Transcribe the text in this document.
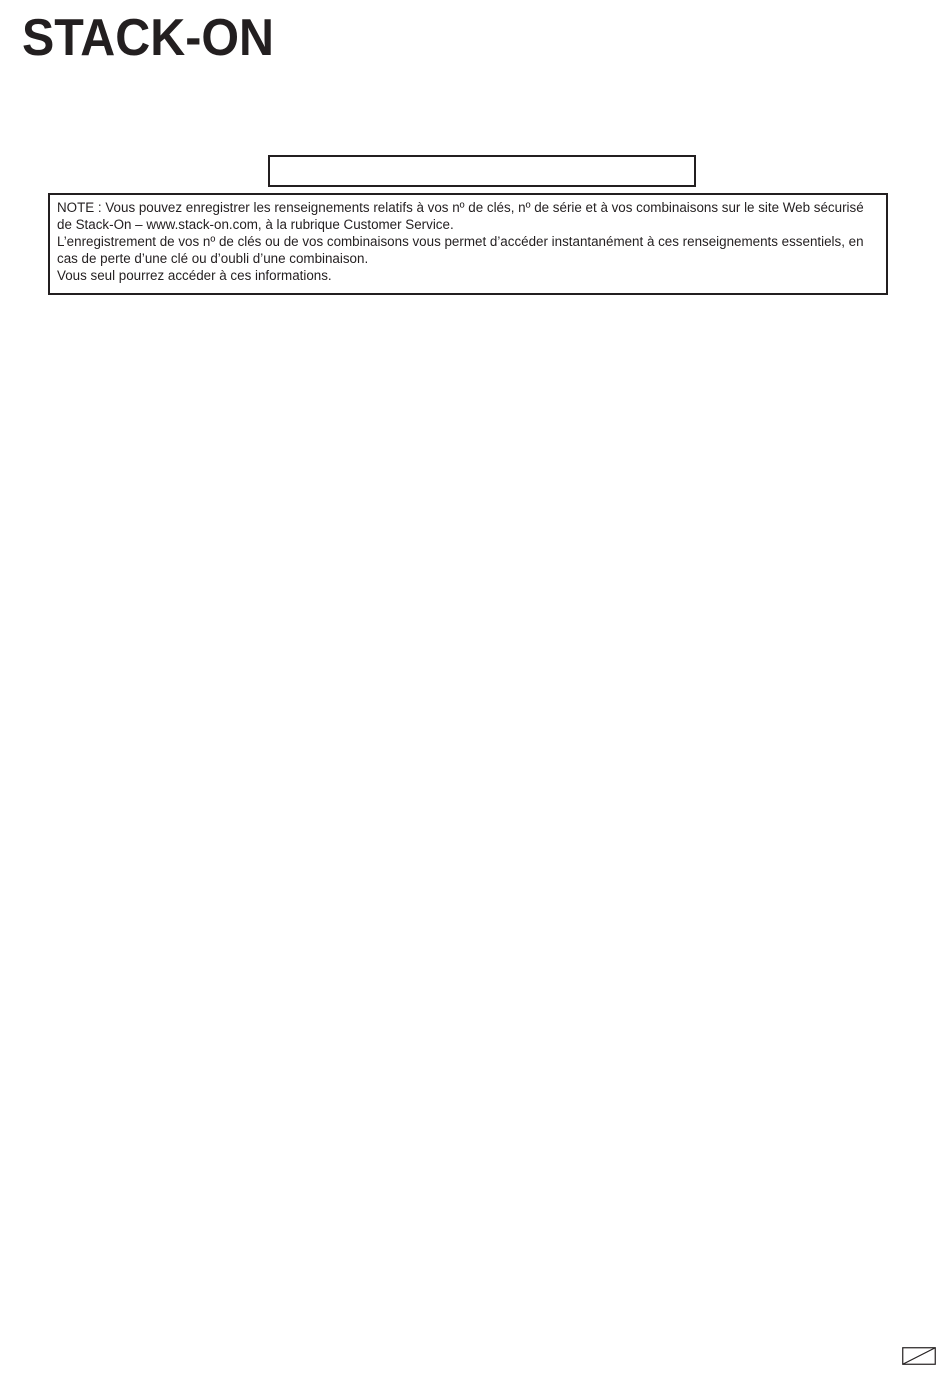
STACK-ON

NOTE : Vous pouvez enregistrer les renseignements relatifs à vos nº de clés, nº de série et à vos combinaisons sur le site Web sécurisé de Stack-On – www.stack-on.com, à la rubrique Customer Service.

L’enregistrement de vos nº de clés ou de vos combinaisons vous permet d’accéder instantanément à ces renseignements essentiels, en cas de perte d’une clé ou d’oubli d’une combinaison.

Vous seul pourrez accéder à ces informations.
